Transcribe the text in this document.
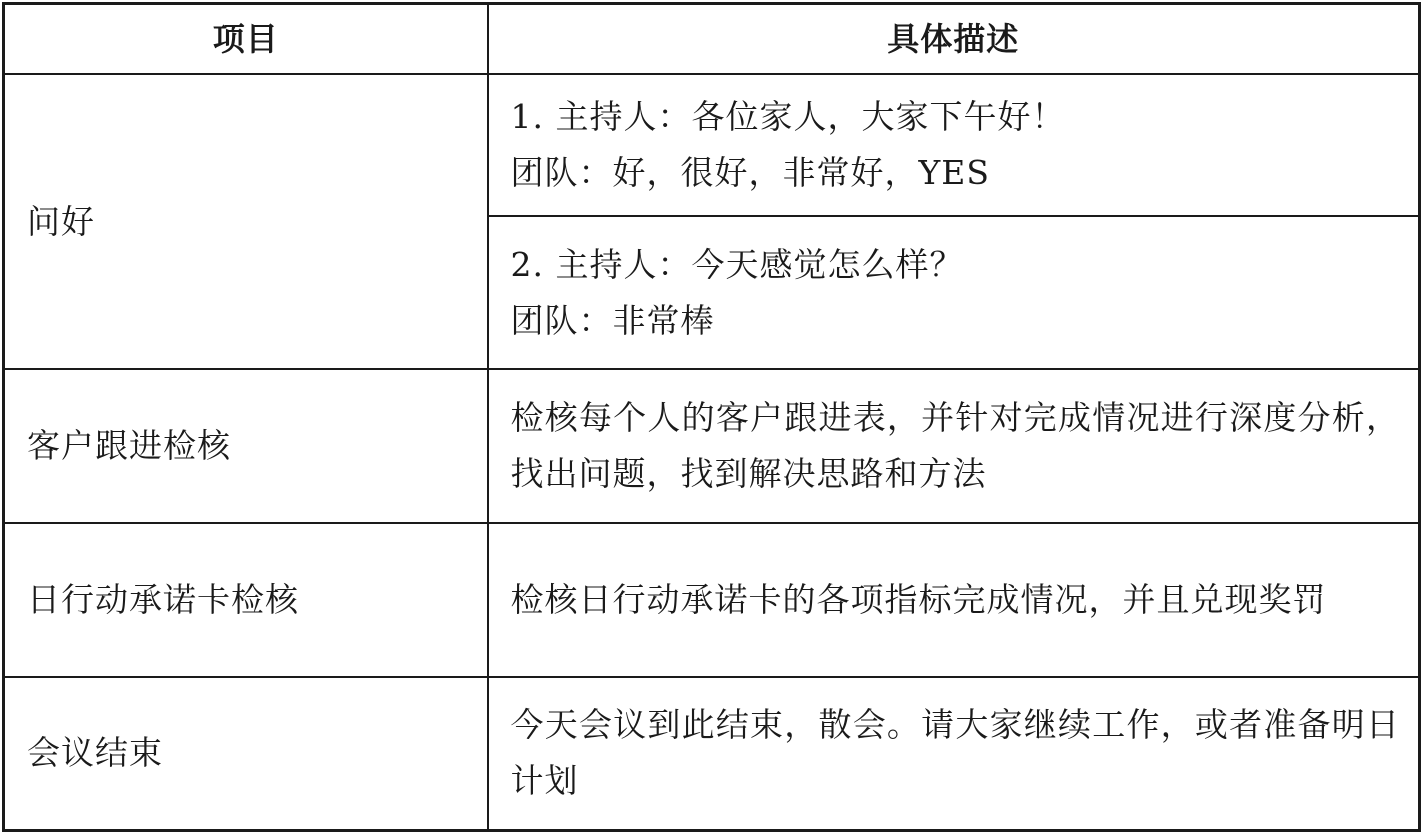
项目	具体描述
问好	1. 主持人：各位家人，大家下午好！
团队：好，很好，非常好，YES

	2. 主持人：今天感觉怎么样？
团队：非常棒

客户跟进检核	检核每个人的客户跟进表，并针对完成情况进行深度分析，找出问题，找到解决思路和方法

日行动承诺卡检核	检核日行动承诺卡的各项指标完成情况，并且兑现奖罚

会议结束	今天会议到此结束，散会。请大家继续工作，或者准备明日计划
